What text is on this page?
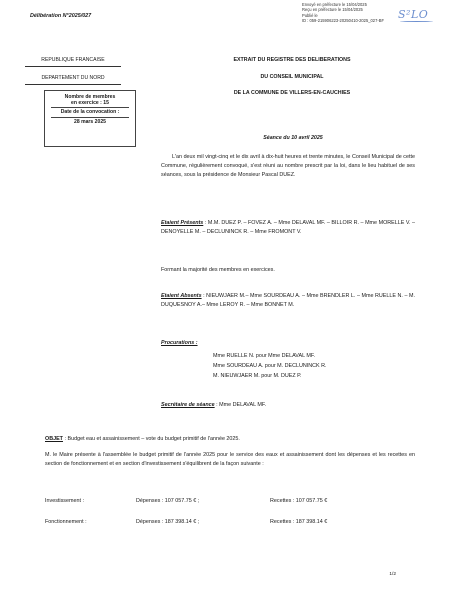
Délibération N°2025/027
Envoyé en préfecture le 15/04/2025
Reçu en préfecture le 15/04/2025
Publié le
ID : 059-215906223-20250410-2025_027-BF	S²LO
REPUBLIQUE FRANCAISE
DEPARTEMENT DU NORD
EXTRAIT DU REGISTRE DES DELIBERATIONS
DU CONSEIL MUNICIPAL
DE LA COMMUNE DE VILLERS-EN-CAUCHIES
Nombre de membres
en exercice : 15
Date de la convocation :
28 mars 2025
Séance du 10 avril 2025
L'an deux mil vingt-cinq et le dix avril à dix-huit heures et trente minutes, le Conseil Municipal de cette Commune, régulièrement convoqué, s'est réuni au nombre prescrit par la loi, dans le lieu habituel de ses séances, sous la présidence de Monsieur Pascal DUEZ.
Etaient Présents : M.M. DUEZ P. – FOVEZ A. – Mme DELAVAL MF. – BILLOIR R. – Mme MORELLE V. – DENOYELLE M. – DECLUNINCK R. – Mme FROMONT V.
Formant la majorité des membres en exercices.
Etaient Absents : NIEUWJAER M.– Mme SOURDEAU A. – Mme BRENDLER L. – Mme RUELLE N. – M. DUQUESNOY A.– Mme LEROY R. – Mme BONNET M.
Procurations :
Mme RUELLE N. pour Mme DELAVAL MF.
Mme SOURDEAU A. pour M. DECLUNINCK R.
M. NIEUWJAER M. pour M. DUEZ P.
Secrétaire de séance : Mme DELAVAL MF.
OBJET : Budget eau et assainissement – vote du budget primitif de l'année 2025.
M. le Maire présente à l'assemblée le budget primitif de l'année 2025 pour le service des eaux et assainissement dont les dépenses et les recettes en section de fonctionnement et en section d'investissement s'équilibrent de la façon suivante :
Investissement :	Dépenses : 107 057.75 € ;	Recettes : 107 057.75 €
Fonctionnement :	Dépenses : 187 398.14 € ;	Recettes : 187 398.14 €
1/2
